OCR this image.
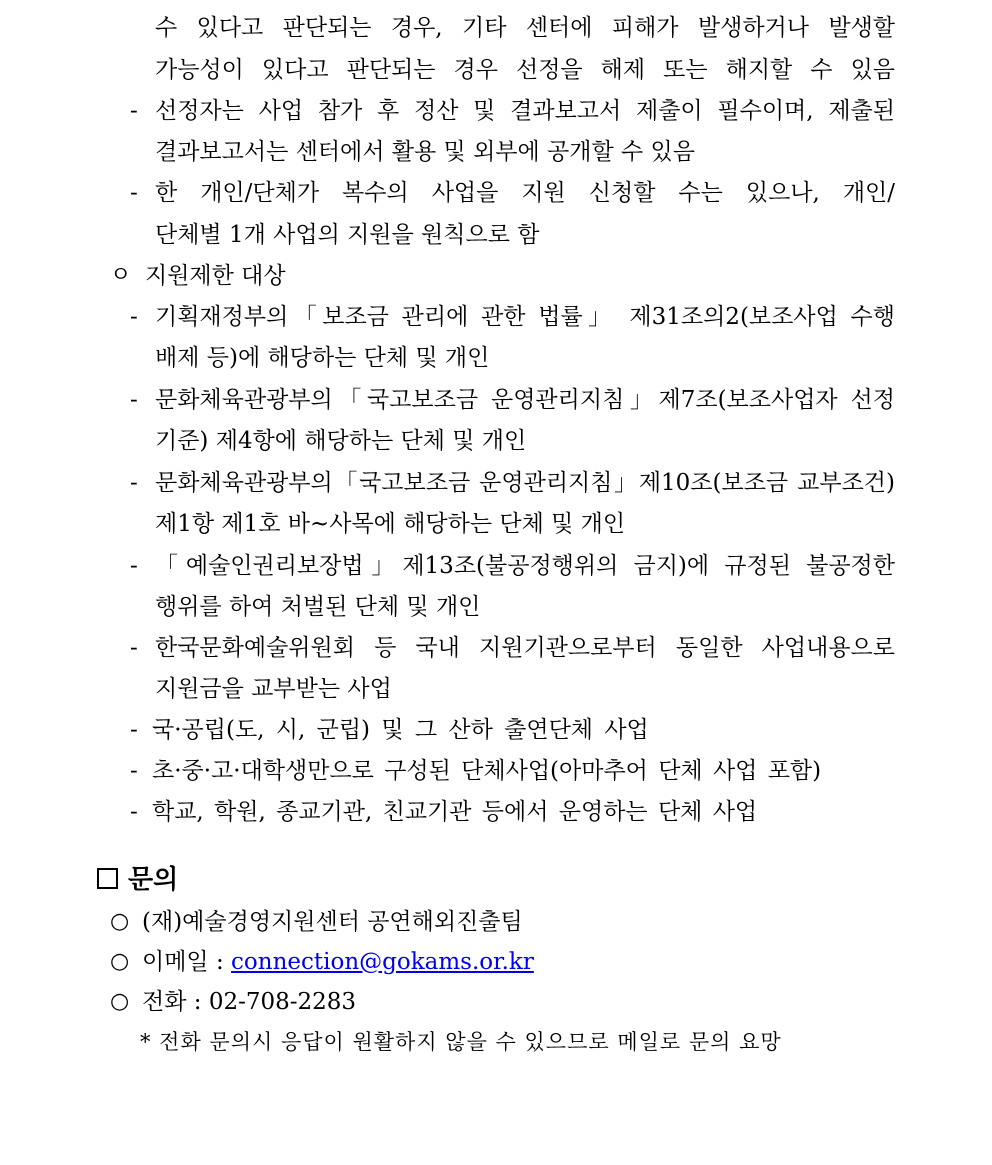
수 있다고 판단되는 경우, 기타 센터에 피해가 발생하거나 발생할
가능성이 있다고 판단되는 경우 선정을 해제 또는 해지할 수 있음
- 선정자는 사업 참가 후 정산 및 결과보고서 제출이 필수이며, 제출된
결과보고서는 센터에서 활용 및 외부에 공개할 수 있음
- 한 개인/단체가 복수의 사업을 지원 신청할 수는 있으나, 개인/
단체별 1개 사업의 지원을 원칙으로 함
ㅇ 지원제한 대상
- 기획재정부의「보조금 관리에 관한 법률」 제31조의2(보조사업 수행
배제 등)에 해당하는 단체 및 개인
- 문화체육관광부의「국고보조금 운영관리지침」제7조(보조사업자 선정
기준) 제4항에 해당하는 단체 및 개인
- 문화체육관광부의「국고보조금 운영관리지침」제10조(보조금 교부조건)
제1항 제1호 바~사목에 해당하는 단체 및 개인
- 「예술인권리보장법」제13조(불공정행위의 금지)에 규정된 불공정한
행위를 하여 처벌된 단체 및 개인
- 한국문화예술위원회 등 국내 지원기관으로부터 동일한 사업내용으로
지원금을 교부받는 사업
- 국·공립(도, 시, 군립) 및 그 산하 출연단체 사업
- 초·중·고·대학생만으로 구성된 단체사업(아마추어 단체 사업 포함)
- 학교, 학원, 종교기관, 친교기관 등에서 운영하는 단체 사업
문의
○ (재)예술경영지원센터 공연해외진출팀
○ 이메일 : connection@gokams.or.kr
○ 전화 : 02-708-2283
* 전화 문의시 응답이 원활하지 않을 수 있으므로 메일로 문의 요망
